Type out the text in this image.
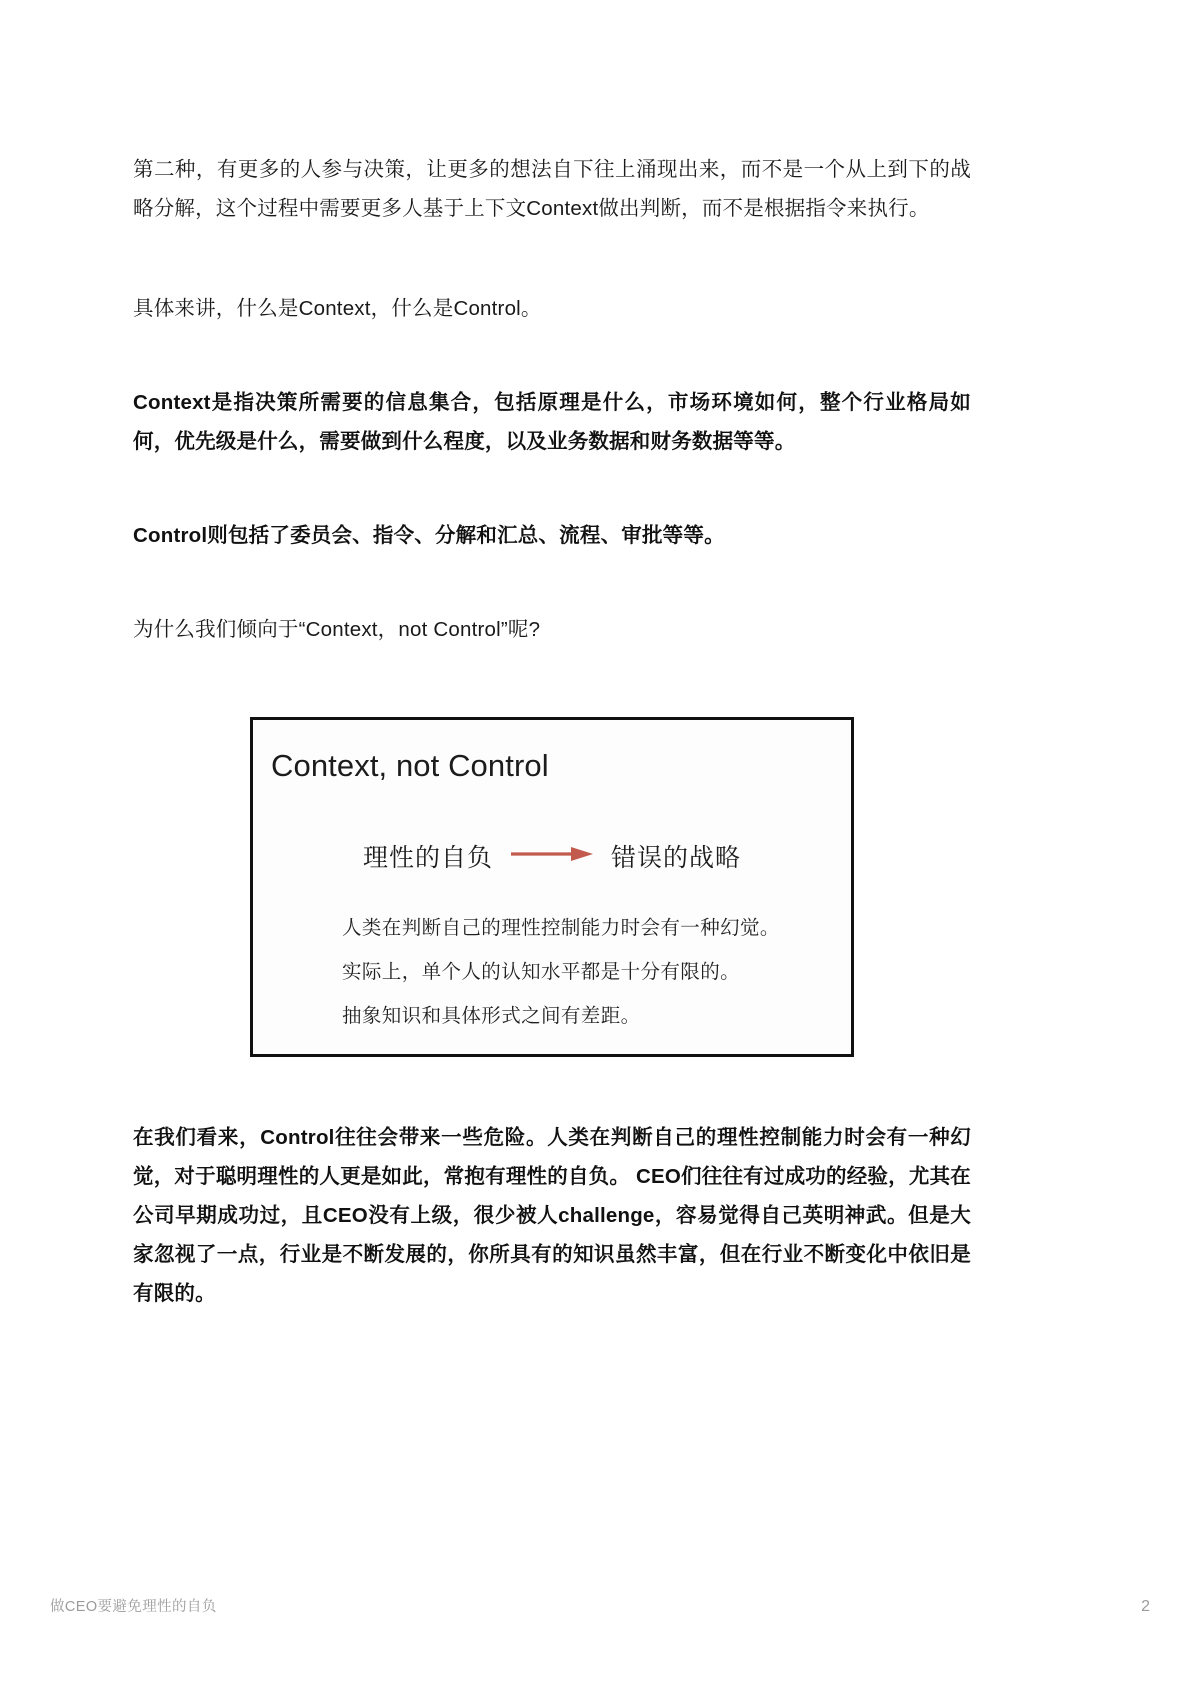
第二种，有更多的人参与决策，让更多的想法自下往上涌现出来，而不是一个从上到下的战略分解，这个过程中需要更多人基于上下文Context做出判断，而不是根据指令来执行。

具体来讲，什么是Context，什么是Control。

Context是指决策所需要的信息集合，包括原理是什么，市场环境如何，整个行业格局如何，优先级是什么，需要做到什么程度，以及业务数据和财务数据等等。

Control则包括了委员会、指令、分解和汇总、流程、审批等等。

为什么我们倾向于“Context，not Control”呢?

Context, not Control
理性的自负	错误的战略
人类在判断自己的理性控制能力时会有一种幻觉。
实际上，单个人的认知水平都是十分有限的。
抽象知识和具体形式之间有差距。

在我们看来，Control往往会带来一些危险。人类在判断自己的理性控制能力时会有一种幻觉，对于聪明理性的人更是如此，常抱有理性的自负。 CEO们往往有过成功的经验，尤其在公司早期成功过，且CEO没有上级，很少被人challenge，容易觉得自己英明神武。但是大家忽视了一点，行业是不断发展的，你所具有的知识虽然丰富，但在行业不断变化中依旧是有限的。

做CEO要避免理性的自负	2
